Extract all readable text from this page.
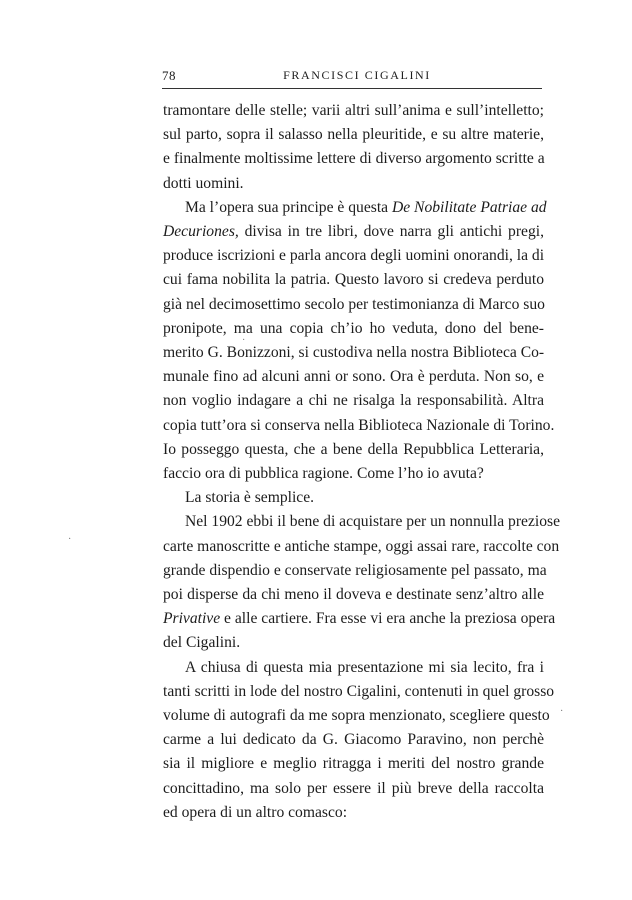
78	FRANCISCI CIGALINI

tramontare delle stelle; varii altri sull’anima e sull’intelletto;
sul parto, sopra il salasso nella pleuritide, e su altre materie,
e finalmente moltissime lettere di diverso argomento scritte a
dotti uomini.

Ma l’opera sua principe è questa De Nobilitate Patriae ad
Decuriones, divisa in tre libri, dove narra gli antichi pregi,
produce iscrizioni e parla ancora degli uomini onorandi, la di
cui fama nobilita la patria. Questo lavoro si credeva perduto
già nel decimosettimo secolo per testimonianza di Marco suo
pronipote, ma una copia ch’io ho veduta, dono del bene-
merito G. Bonizzoni, si custodiva nella nostra Biblioteca Co-
munale fino ad alcuni anni or sono. Ora è perduta. Non so, e
non voglio indagare a chi ne risalga la responsabilità. Altra
copia tutt’ora si conserva nella Biblioteca Nazionale di Torino.
Io posseggo questa, che a bene della Repubblica Letteraria,
faccio ora di pubblica ragione. Come l’ho io avuta?

La storia è semplice.

Nel 1902 ebbi il bene di acquistare per un nonnulla preziose
carte manoscritte e antiche stampe, oggi assai rare, raccolte con
grande dispendio e conservate religiosamente pel passato, ma
poi disperse da chi meno il doveva e destinate senz’altro alle
Privative e alle cartiere. Fra esse vi era anche la preziosa opera
del Cigalini.

A chiusa di questa mia presentazione mi sia lecito, fra i
tanti scritti in lode del nostro Cigalini, contenuti in quel grosso
volume di autografi da me sopra menzionato, scegliere questo
carme a lui dedicato da G. Giacomo Paravino, non perchè
sia il migliore e meglio ritragga i meriti del nostro grande
concittadino, ma solo per essere il più breve della raccolta
ed opera di un altro comasco:

·
·
·
